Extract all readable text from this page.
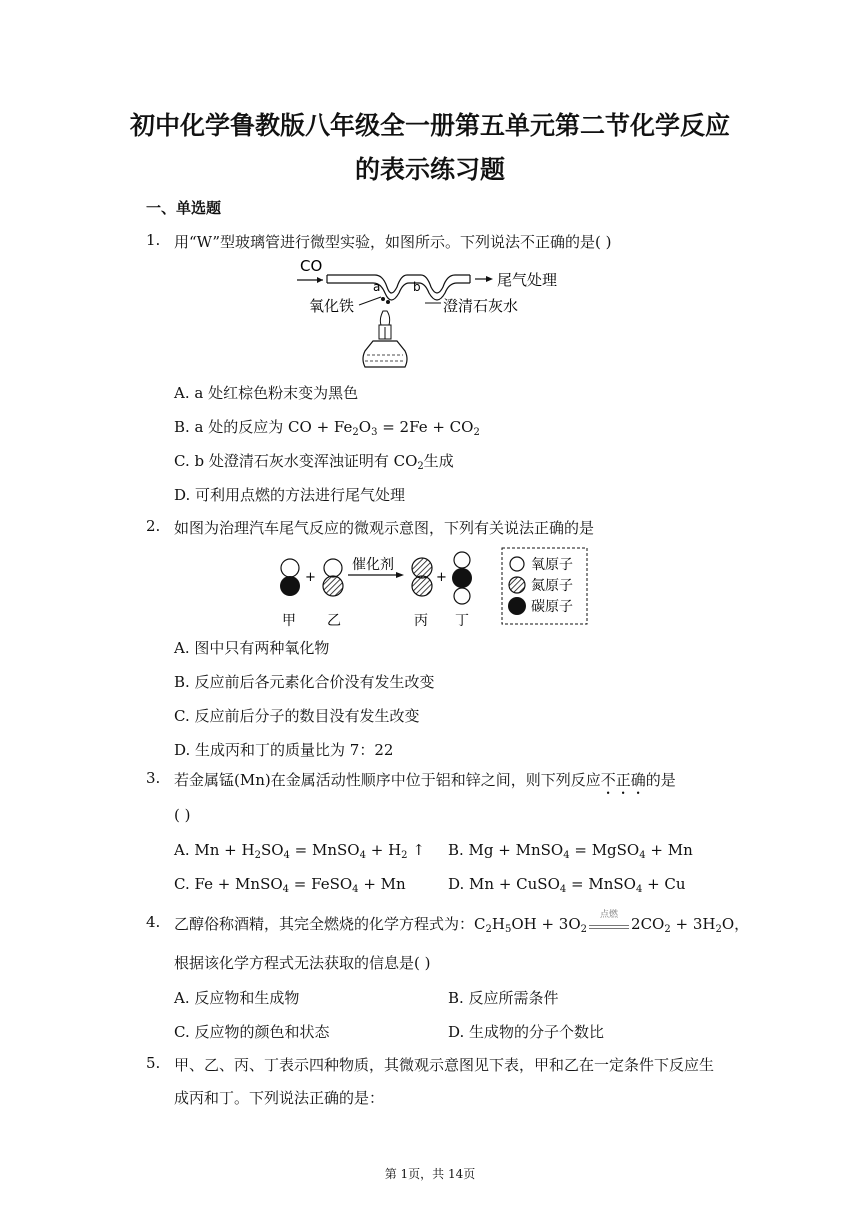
初中化学鲁教版八年级全一册第五单元第二节化学反应
的表示练习题
一、单选题
1. 用“W”型玻璃管进行微型实验，如图所示。下列说法不正确的是( )
CO
a	b	尾气处理
氧化铁	澄清石灰水
A. a 处红棕色粉末变为黑色
B. a 处的反应为 CO + $Fe_2O_3 = 2Fe + CO_2$
C. b 处澄清石灰水变浑浊证明有 $CO_2$生成
D. 可利用点燃的方法进行尾气处理
2. 如图为治理汽车尾气反应的微观示意图，下列有关说法正确的是
+
催化剂
+
甲 乙	丙 丁
氧原子
氮原子
碳原子
A. 图中只有两种氧化物
B. 反应前后各元素化合价没有发生改变
C. 反应前后分子的数目没有发生改变
D. 生成丙和丁的质量比为 7：22
3. 若金属锰(Mn)在金属活动性顺序中位于铝和锌之间，则下列反应不正确的是
( )
A. $Mn + H_2SO_4$ = MnSO$_4$ + $H_2$ ↑ B. Mg + MnSO$_4$ = MgSO$_4$ + Mn
C. Fe + MnSO$_4$ = FeSO$_4$ + Mn	D. Mn + CuSO$_4$ = MnSO$_4$ + Cu
4. 乙醇俗称酒精，其完全燃烧的化学方程式为：$C_2H_5OH + 3O_2$
点燃 $2CO_2 + 3H_2O$，
根据该化学方程式无法获取的信息是( )
A. 反应物和生成物	B. 反应所需条件
C. 反应物的颜色和状态	D. 生成物的分子个数比
5. 甲、乙、丙、丁表示四种物质，其微观示意图见下表，甲和乙在一定条件下反应生
成丙和丁。下列说法正确的是：
第 1页，共 14页
